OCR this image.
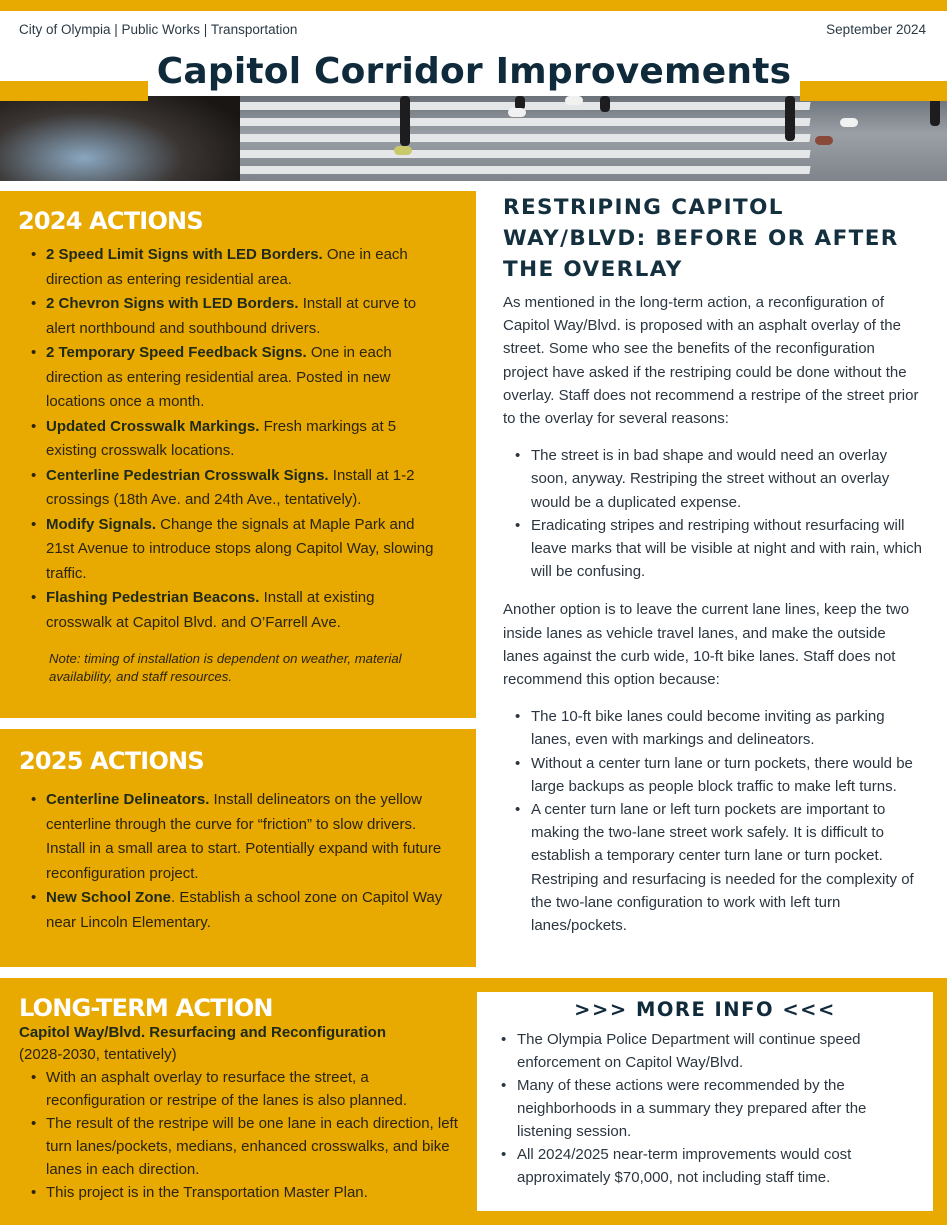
City of Olympia | Public Works | Transportation	September 2024
Capitol Corridor Improvements
2024 ACTIONS
• 2 Speed Limit Signs with LED Borders. One in each direction as entering residential area.
• 2 Chevron Signs with LED Borders. Install at curve to alert northbound and southbound drivers.
• 2 Temporary Speed Feedback Signs. One in each direction as entering residential area. Posted in new locations once a month.
• Updated Crosswalk Markings. Fresh markings at 5 existing crosswalk locations.
• Centerline Pedestrian Crosswalk Signs. Install at 1-2 crossings (18th Ave. and 24th Ave., tentatively).
• Modify Signals. Change the signals at Maple Park and 21st Avenue to introduce stops along Capitol Way, slowing traffic.
• Flashing Pedestrian Beacons. Install at existing crosswalk at Capitol Blvd. and O’Farrell Ave.

Note: timing of installation is dependent on weather, material availability, and staff resources.

2025 ACTIONS
• Centerline Delineators. Install delineators on the yellow centerline through the curve for “friction” to slow drivers. Install in a small area to start. Potentially expand with future reconfiguration project.
• New School Zone. Establish a school zone on Capitol Way near Lincoln Elementary.
LONG-TERM ACTION
Capitol Way/Blvd. Resurfacing and Reconfiguration
(2028-2030, tentatively)
• With an asphalt overlay to resurface the street, a reconfiguration or restripe of the lanes is also planned.
• The result of the restripe will be one lane in each direction, left turn lanes/pockets, medians, enhanced crosswalks, and bike lanes in each direction.
• This project is in the Transportation Master Plan.
>>> MORE INFO <<<
• The Olympia Police Department will continue speed enforcement on Capitol Way/Blvd.
• Many of these actions were recommended by the neighborhoods in a summary they prepared after the listening session.
• All 2024/2025 near-term improvements would cost approximately $70,000, not including staff time.
RESTRIPING CAPITOL WAY/BLVD: BEFORE OR AFTER THE OVERLAY

As mentioned in the long-term action, a reconfiguration of Capitol Way/Blvd. is proposed with an asphalt overlay of the street. Some who see the benefits of the reconfiguration project have asked if the restriping could be done without the overlay. Staff does not recommend a restripe of the street prior to the overlay for several reasons:

• The street is in bad shape and would need an overlay soon, anyway. Restriping the street without an overlay would be a duplicated expense.
• Eradicating stripes and restriping without resurfacing will leave marks that will be visible at night and with rain, which will be confusing.

Another option is to leave the current lane lines, keep the two inside lanes as vehicle travel lanes, and make the outside lanes against the curb wide, 10-ft bike lanes. Staff does not recommend this option because:

• The 10-ft bike lanes could become inviting as parking lanes, even with markings and delineators.
• Without a center turn lane or turn pockets, there would be large backups as people block traffic to make left turns.
• A center turn lane or left turn pockets are important to making the two-lane street work safely. It is difficult to establish a temporary center turn lane or turn pocket. Restriping and resurfacing is needed for the complexity of the two-lane configuration to work with left turn lanes/pockets.
